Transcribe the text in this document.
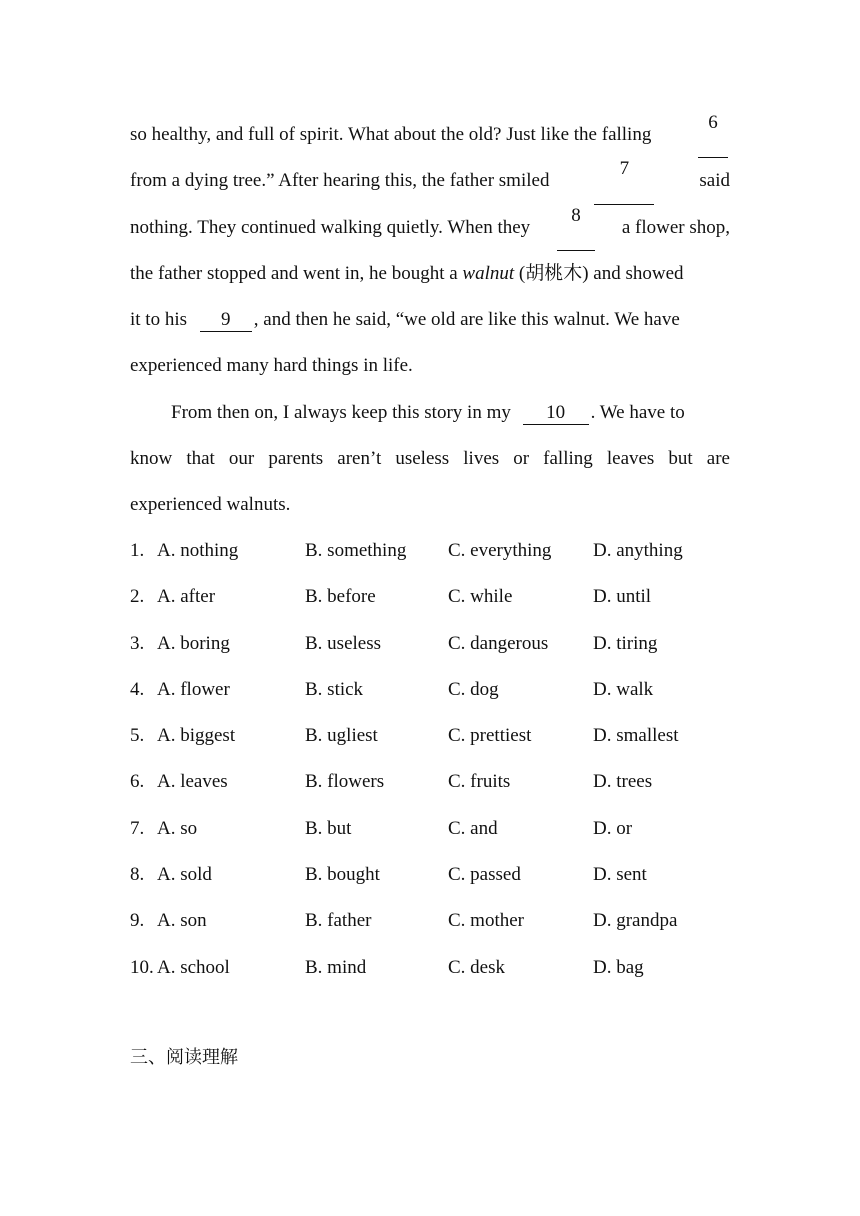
so healthy, and full of spirit. What about the old? Just like the falling
6
from a dying tree.” After hearing this, the father smiled
7
said
nothing. They continued walking quietly. When they
8
a flower shop,
the father stopped and went in, he bought a walnut (胡桃木) and showed
it to his 9 , and then he said, “we old are like this walnut. We have
experienced many hard things in life.
From then on, I always keep this story in my 10 . We have to
know that our parents aren’t useless lives or falling leaves but are
experienced walnuts.
1. A. nothing	B. something C. everything D. anything
2. A. after	B. before	C. while	D. until
3. A. boring	B. useless	C. dangerous D. tiring
4. A. flower	B. stick	C. dog	D. walk
5. A. biggest	B. ugliest	C. prettiest	D. smallest
6. A. leaves	B. flowers	C. fruits	D. trees
7. A. so	B. but	C. and	D. or
8. A. sold	B. bought	C. passed	D. sent
9. A. son	B. father	C. mother	D. grandpa
10. A. school	B. mind	C. desk	D. bag
三、阅读理解
